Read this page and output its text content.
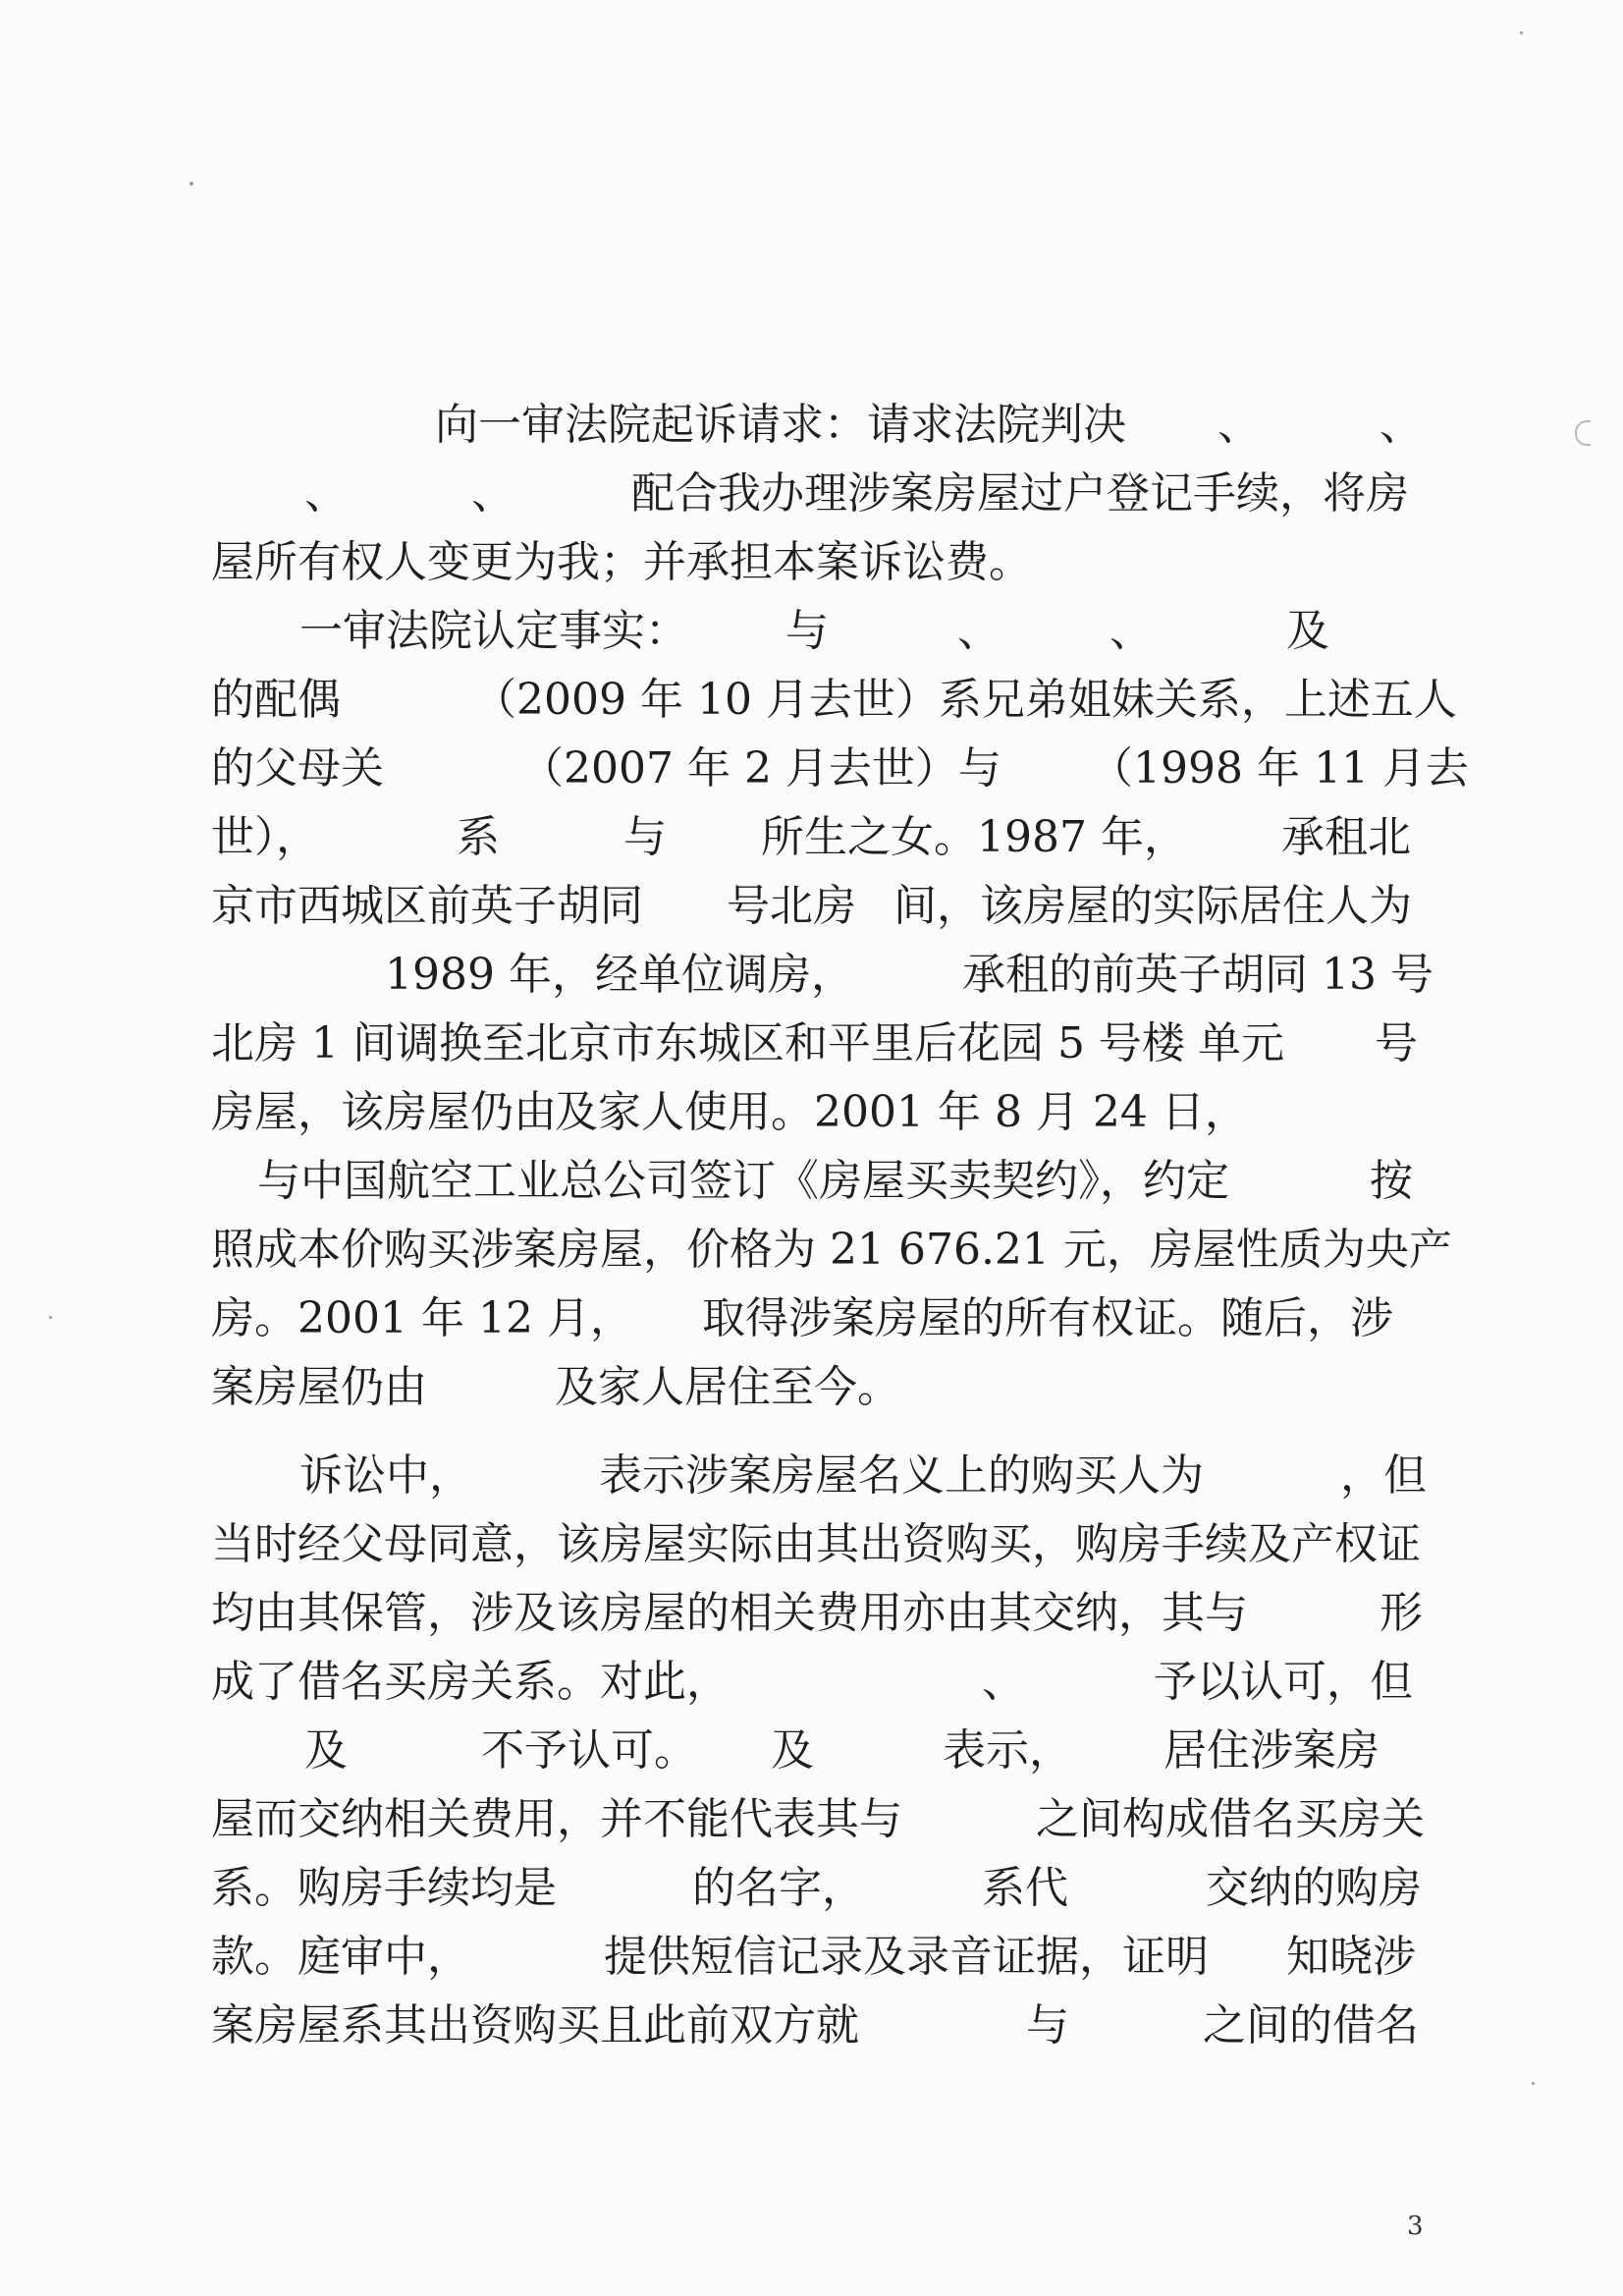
向一审法院起诉请求：请求法院判决 、	、
、	、	配合我办理涉案房屋过户登记手续，将房
屋所有权人变更为我；并承担本案诉讼费。
一审法院认定事实： 与	、	、	及
的配偶	（2009 年 10 月去世）系兄弟姐妹关系，上述五人
的父母关	（2007 年 2 月去世）与 （1998 年 11 月去
世），	系	与 所生之女。1987 年， 承租北
京市西城区前英子胡同 号北房 间，该房屋的实际居住人为
1989 年，经单位调房，	承租的前英子胡同 13 号
北房 1 间调换至北京市东城区和平里后花园 5 号楼 单元 号
房屋，该房屋仍由
及家人使用。2001 年 8 月 24 日，
与中国航空工业总公司签订《房屋买卖契约》，约定	按
照成本价购买涉案房屋，价格为 21 676.21 元，房屋性质为央产
房。2001 年 12 月， 取得涉案房屋的所有权证。随后，涉
案房屋仍由	及家人居住至今。
诉讼中，	表示涉案房屋名义上的购买人为	，但
当时经父母同意，该房屋实际由其出资购买，购房手续及产权证
均由其保管，涉及该房屋的相关费用亦由其交纳，其与	形
成了借名买房关系。对此，	、	予以认可，但
及	不予认可。 及	表示， 居住涉案房
屋而交纳相关费用，并不能代表其与	之间构成借名买房关
系。购房手续均是	的名字，	系代	交纳的购房
款。庭审中，	提供短信记录及录音证据，证明 知晓涉
案房屋系其出资购买且此前双方就	与	之间的借名
3
